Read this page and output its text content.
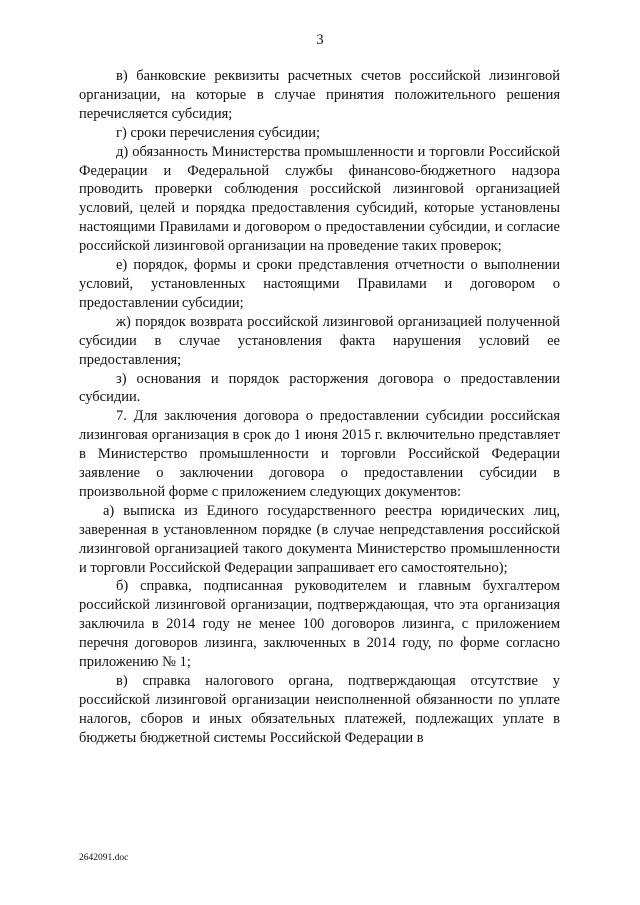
3

в) банковские реквизиты расчетных счетов российской лизинговой организации, на которые в случае принятия положительного решения перечисляется субсидия;

г) сроки перечисления субсидии;

д) обязанность Министерства промышленности и торговли Российской Федерации и Федеральной службы финансово-бюджетного надзора проводить проверки соблюдения российской лизинговой организацией условий, целей и порядка предоставления субсидий, которые установлены настоящими Правилами и договором о предоставлении субсидии, и согласие российской лизинговой организации на проведение таких проверок;

е) порядок, формы и сроки представления отчетности о выполнении условий, установленных настоящими Правилами и договором о предоставлении субсидии;

ж) порядок возврата российской лизинговой организацией полученной субсидии в случае установления факта нарушения условий ее предоставления;

з) основания и порядок расторжения договора о предоставлении субсидии.

7. Для заключения договора о предоставлении субсидии российская лизинговая организация в срок до 1 июня 2015 г. включительно представляет в Министерство промышленности и торговли Российской Федерации заявление о заключении договора о предоставлении субсидии в произвольной форме с приложением следующих документов:

а) выписка из Единого государственного реестра юридических лиц, заверенная в установленном порядке (в случае непредставления российской лизинговой организацией такого документа Министерство промышленности и торговли Российской Федерации запрашивает его самостоятельно);

б) справка, подписанная руководителем и главным бухгалтером российской лизинговой организации, подтверждающая, что эта организация заключила в 2014 году не менее 100 договоров лизинга, с приложением перечня договоров лизинга, заключенных в 2014 году, по форме согласно приложению № 1;

в) справка налогового органа, подтверждающая отсутствие у российской лизинговой организации неисполненной обязанности по уплате налогов, сборов и иных обязательных платежей, подлежащих уплате в бюджеты бюджетной системы Российской Федерации в

2642091.doc
